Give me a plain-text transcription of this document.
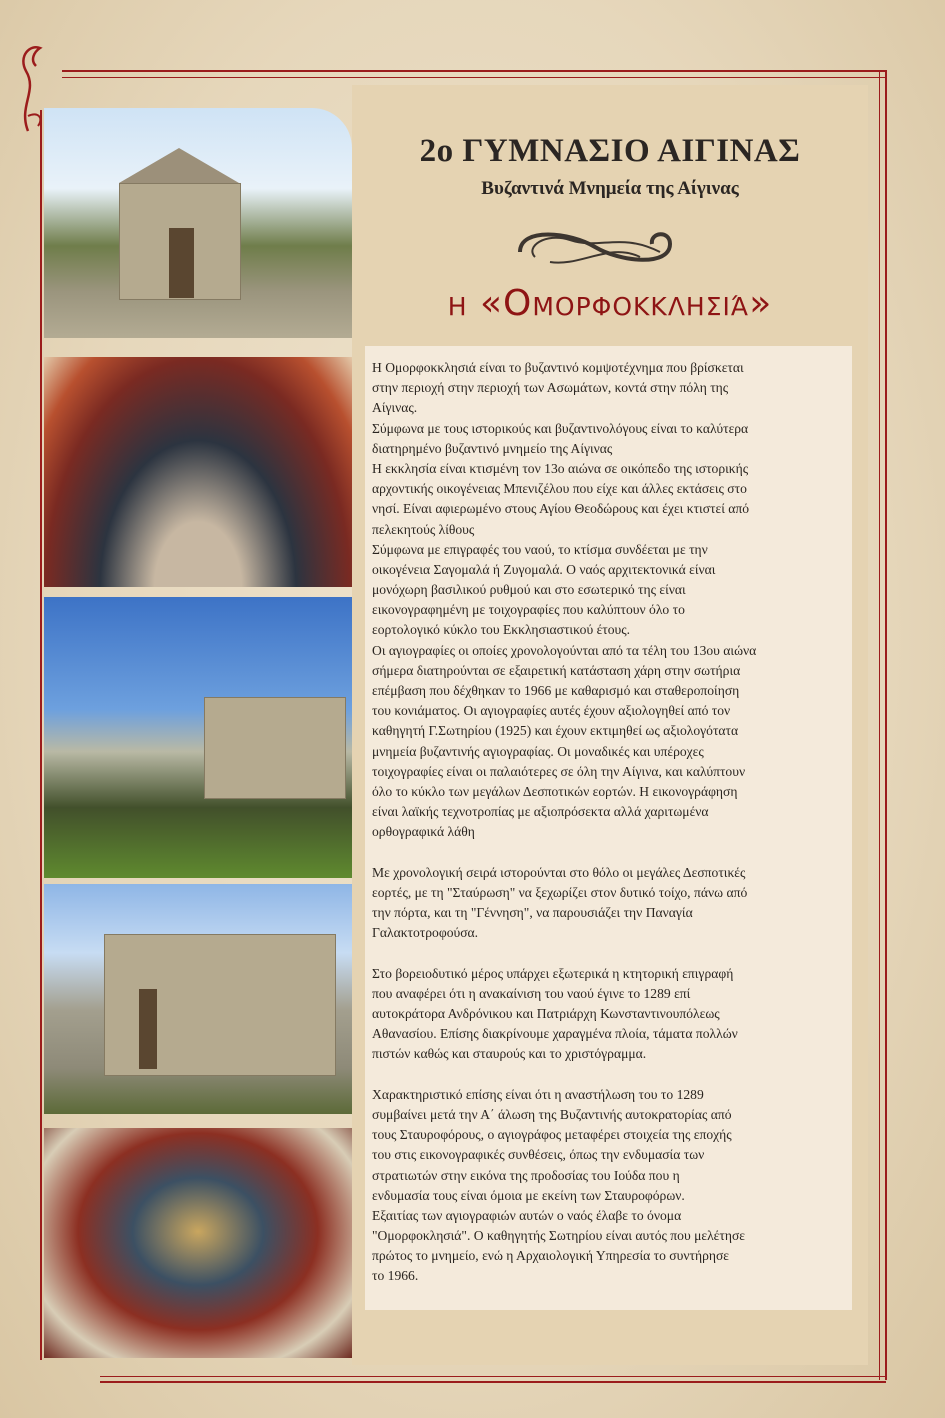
2ο ΓΥΜΝΑΣΙΟ ΑΙΓΙΝΑΣ
Βυζαντινά Μνημεία της Αίγινας
η «Ομορφοκκλησιά»
Η Ομορφοκκλησιά είναι το βυζαντινό κομψοτέχνημα που βρίσκεται
στην περιοχή στην περιοχή των Ασωμάτων, κοντά στην πόλη της
Αίγινας.
Σύμφωνα με τους ιστορικούς και βυζαντινολόγους είναι το καλύτερα
διατηρημένο βυζαντινό μνημείο της Αίγινας
Η εκκλησία είναι κτισμένη τον 13ο αιώνα σε οικόπεδο της ιστορικής
αρχοντικής οικογένειας Μπενιζέλου που είχε και άλλες εκτάσεις στο
νησί. Είναι αφιερωμένο στους Αγίου Θεοδώρους και έχει κτιστεί από
πελεκητούς λίθους
Σύμφωνα με επιγραφές του ναού, το κτίσμα συνδέεται με την
οικογένεια Σαγομαλά ή Ζυγομαλά. Ο ναός αρχιτεκτονικά είναι
μονόχωρη βασιλικού ρυθμού και στο εσωτερικό της είναι
εικονογραφημένη με τοιχογραφίες που καλύπτουν όλο το
εορτολογικό κύκλο του Εκκλησιαστικού έτους.
Οι αγιογραφίες οι οποίες χρονολογούνται από τα τέλη του 13ου αιώνα
σήμερα διατηρούνται σε εξαιρετική κατάσταση χάρη στην σωτήρια
επέμβαση που δέχθηκαν το 1966 με καθαρισμό και σταθεροποίηση
του κονιάματος. Οι αγιογραφίες αυτές έχουν αξιολογηθεί από τον
καθηγητή Γ.Σωτηρίου (1925) και έχουν εκτιμηθεί ως αξιολογότατα
μνημεία βυζαντινής αγιογραφίας. Οι μοναδικές και υπέροχες
τοιχογραφίες είναι οι παλαιότερες σε όλη την Αίγινα, και καλύπτουν
όλο το κύκλο των μεγάλων Δεσποτικών εορτών. Η εικονογράφηση
είναι λαϊκής τεχνοτροπίας με αξιοπρόσεκτα αλλά χαριτωμένα
ορθογραφικά λάθη
Με χρονολογική σειρά ιστορούνται στο θόλο οι μεγάλες Δεσποτικές
εορτές, με τη "Σταύρωση" να ξεχωρίζει στον δυτικό τοίχο, πάνω από
την πόρτα, και τη "Γέννηση", να παρουσιάζει την Παναγία
Γαλακτοτροφούσα.
Στο βορειοδυτικό μέρος υπάρχει εξωτερικά η κτητορική επιγραφή
που αναφέρει ότι η ανακαίνιση του ναού έγινε το 1289 επί
αυτοκράτορα Ανδρόνικου και Πατριάρχη Κωνσταντινουπόλεως
Αθανασίου. Επίσης διακρίνουμε χαραγμένα πλοία, τάματα πολλών
πιστών καθώς και σταυρούς και το χριστόγραμμα.
Χαρακτηριστικό επίσης είναι ότι η αναστήλωση του το 1289
συμβαίνει μετά την Α΄ άλωση της Βυζαντινής αυτοκρατορίας από
τους Σταυροφόρους, ο αγιογράφος μεταφέρει στοιχεία της εποχής
του στις εικονογραφικές συνθέσεις, όπως την ενδυμασία των
στρατιωτών στην εικόνα της προδοσίας του Ιούδα που η
ενδυμασία τους είναι όμοια με εκείνη των Σταυροφόρων.
Εξαιτίας των αγιογραφιών αυτών ο ναός έλαβε το όνομα
"Ομορφοκλησιά". Ο καθηγητής Σωτηρίου είναι αυτός που μελέτησε
πρώτος το μνημείο, ενώ η Αρχαιολογική Υπηρεσία το συντήρησε
το 1966.
